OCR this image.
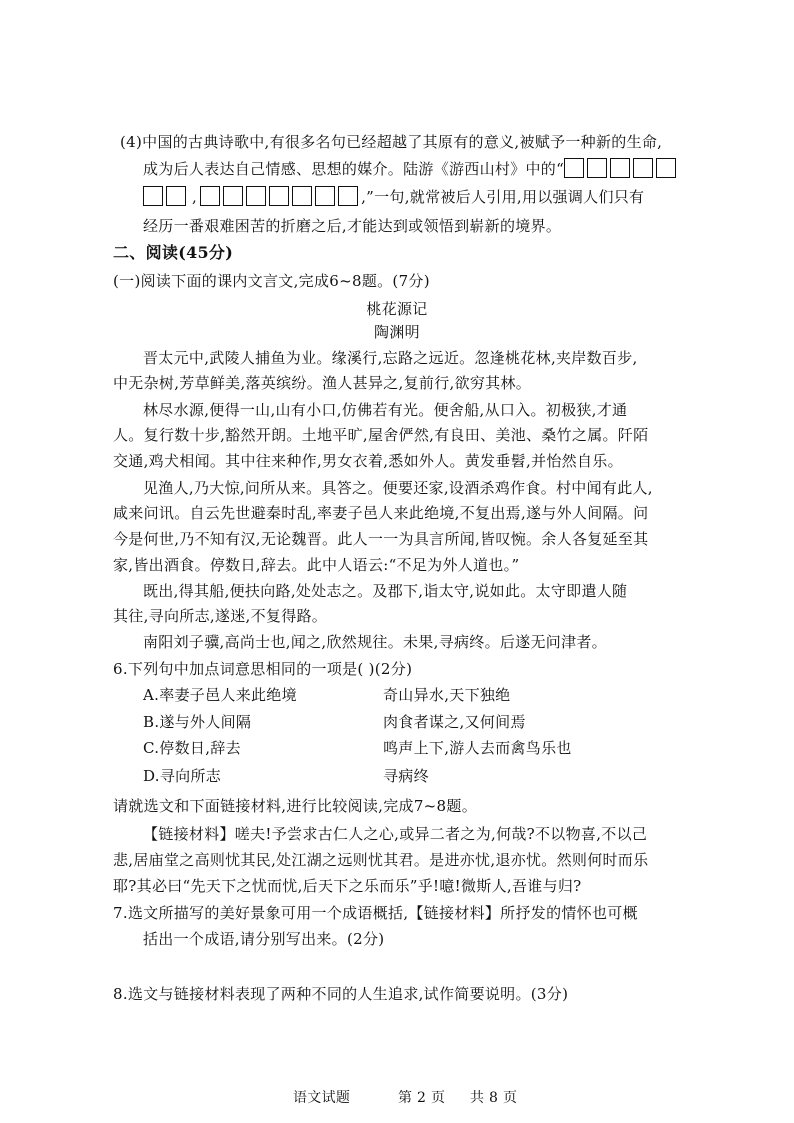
(4)中国的古典诗歌中,有很多名句已经超越了其原有的意义,被赋予一种新的生命,
成为后人表达自己情感、思想的媒介。陆游《游西山村》中的“
,	,”一句,就常被后人引用,用以强调人们只有
经历一番艰难困苦的折磨之后,才能达到或领悟到崭新的境界。
二、阅读(45分)
(一)阅读下面的课内文言文,完成6~8题。(7分)
桃花源记
陶渊明
晋太元中,武陵人捕鱼为业。缘溪行,忘路之远近。忽逢桃花林,夹岸数百步,
中无杂树,芳草鲜美,落英缤纷。渔人甚异之,复前行,欲穷其林。
林尽水源,便得一山,山有小口,仿佛若有光。便舍船,从口入。初极狭,才通
人。复行数十步,豁然开朗。土地平旷,屋舍俨然,有良田、美池、桑竹之属。阡陌
交通,鸡犬相闻。其中往来种作,男女衣着,悉如外人。黄发垂髫,并怡然自乐。
见渔人,乃大惊,问所从来。具答之。便要还家,设酒杀鸡作食。村中闻有此人,
咸来问讯。自云先世避秦时乱,率妻子邑人来此绝境,不复出焉,遂与外人间隔。问
今是何世,乃不知有汉,无论魏晋。此人一一为具言所闻,皆叹惋。余人各复延至其
家,皆出酒食。停数日,辞去。此中人语云:“不足为外人道也。”
既出,得其船,便扶向路,处处志之。及郡下,诣太守,说如此。太守即遣人随
其往,寻向所志,遂迷,不复得路。
南阳刘子骥,高尚士也,闻之,欣然规往。未果,寻病终。后遂无问津者。
6.下列句中加点词意思相同的一项是( )(2分)
A.率妻子邑人来此绝境	奇山异水,天下独绝
B.遂与外人间隔	肉食者谋之,又何间焉
C.停数日,辞去	鸣声上下,游人去而禽鸟乐也
D.寻向所志	寻病终
请就选文和下面链接材料,进行比较阅读,完成7~8题。
【链接材料】嗟夫!予尝求古仁人之心,或异二者之为,何哉?不以物喜,不以己
悲,居庙堂之高则忧其民,处江湖之远则忧其君。是进亦忧,退亦忧。然则何时而乐
耶?其必曰“先天下之忧而忧,后天下之乐而乐”乎!噫!微斯人,吾谁与归?
7.选文所描写的美好景象可用一个成语概括,【链接材料】所抒发的情怀也可概
括出一个成语,请分别写出来。(2分)
8.选文与链接材料表现了两种不同的人生追求,试作简要说明。(3分)
语文试题	第 2 页 共 8 页
